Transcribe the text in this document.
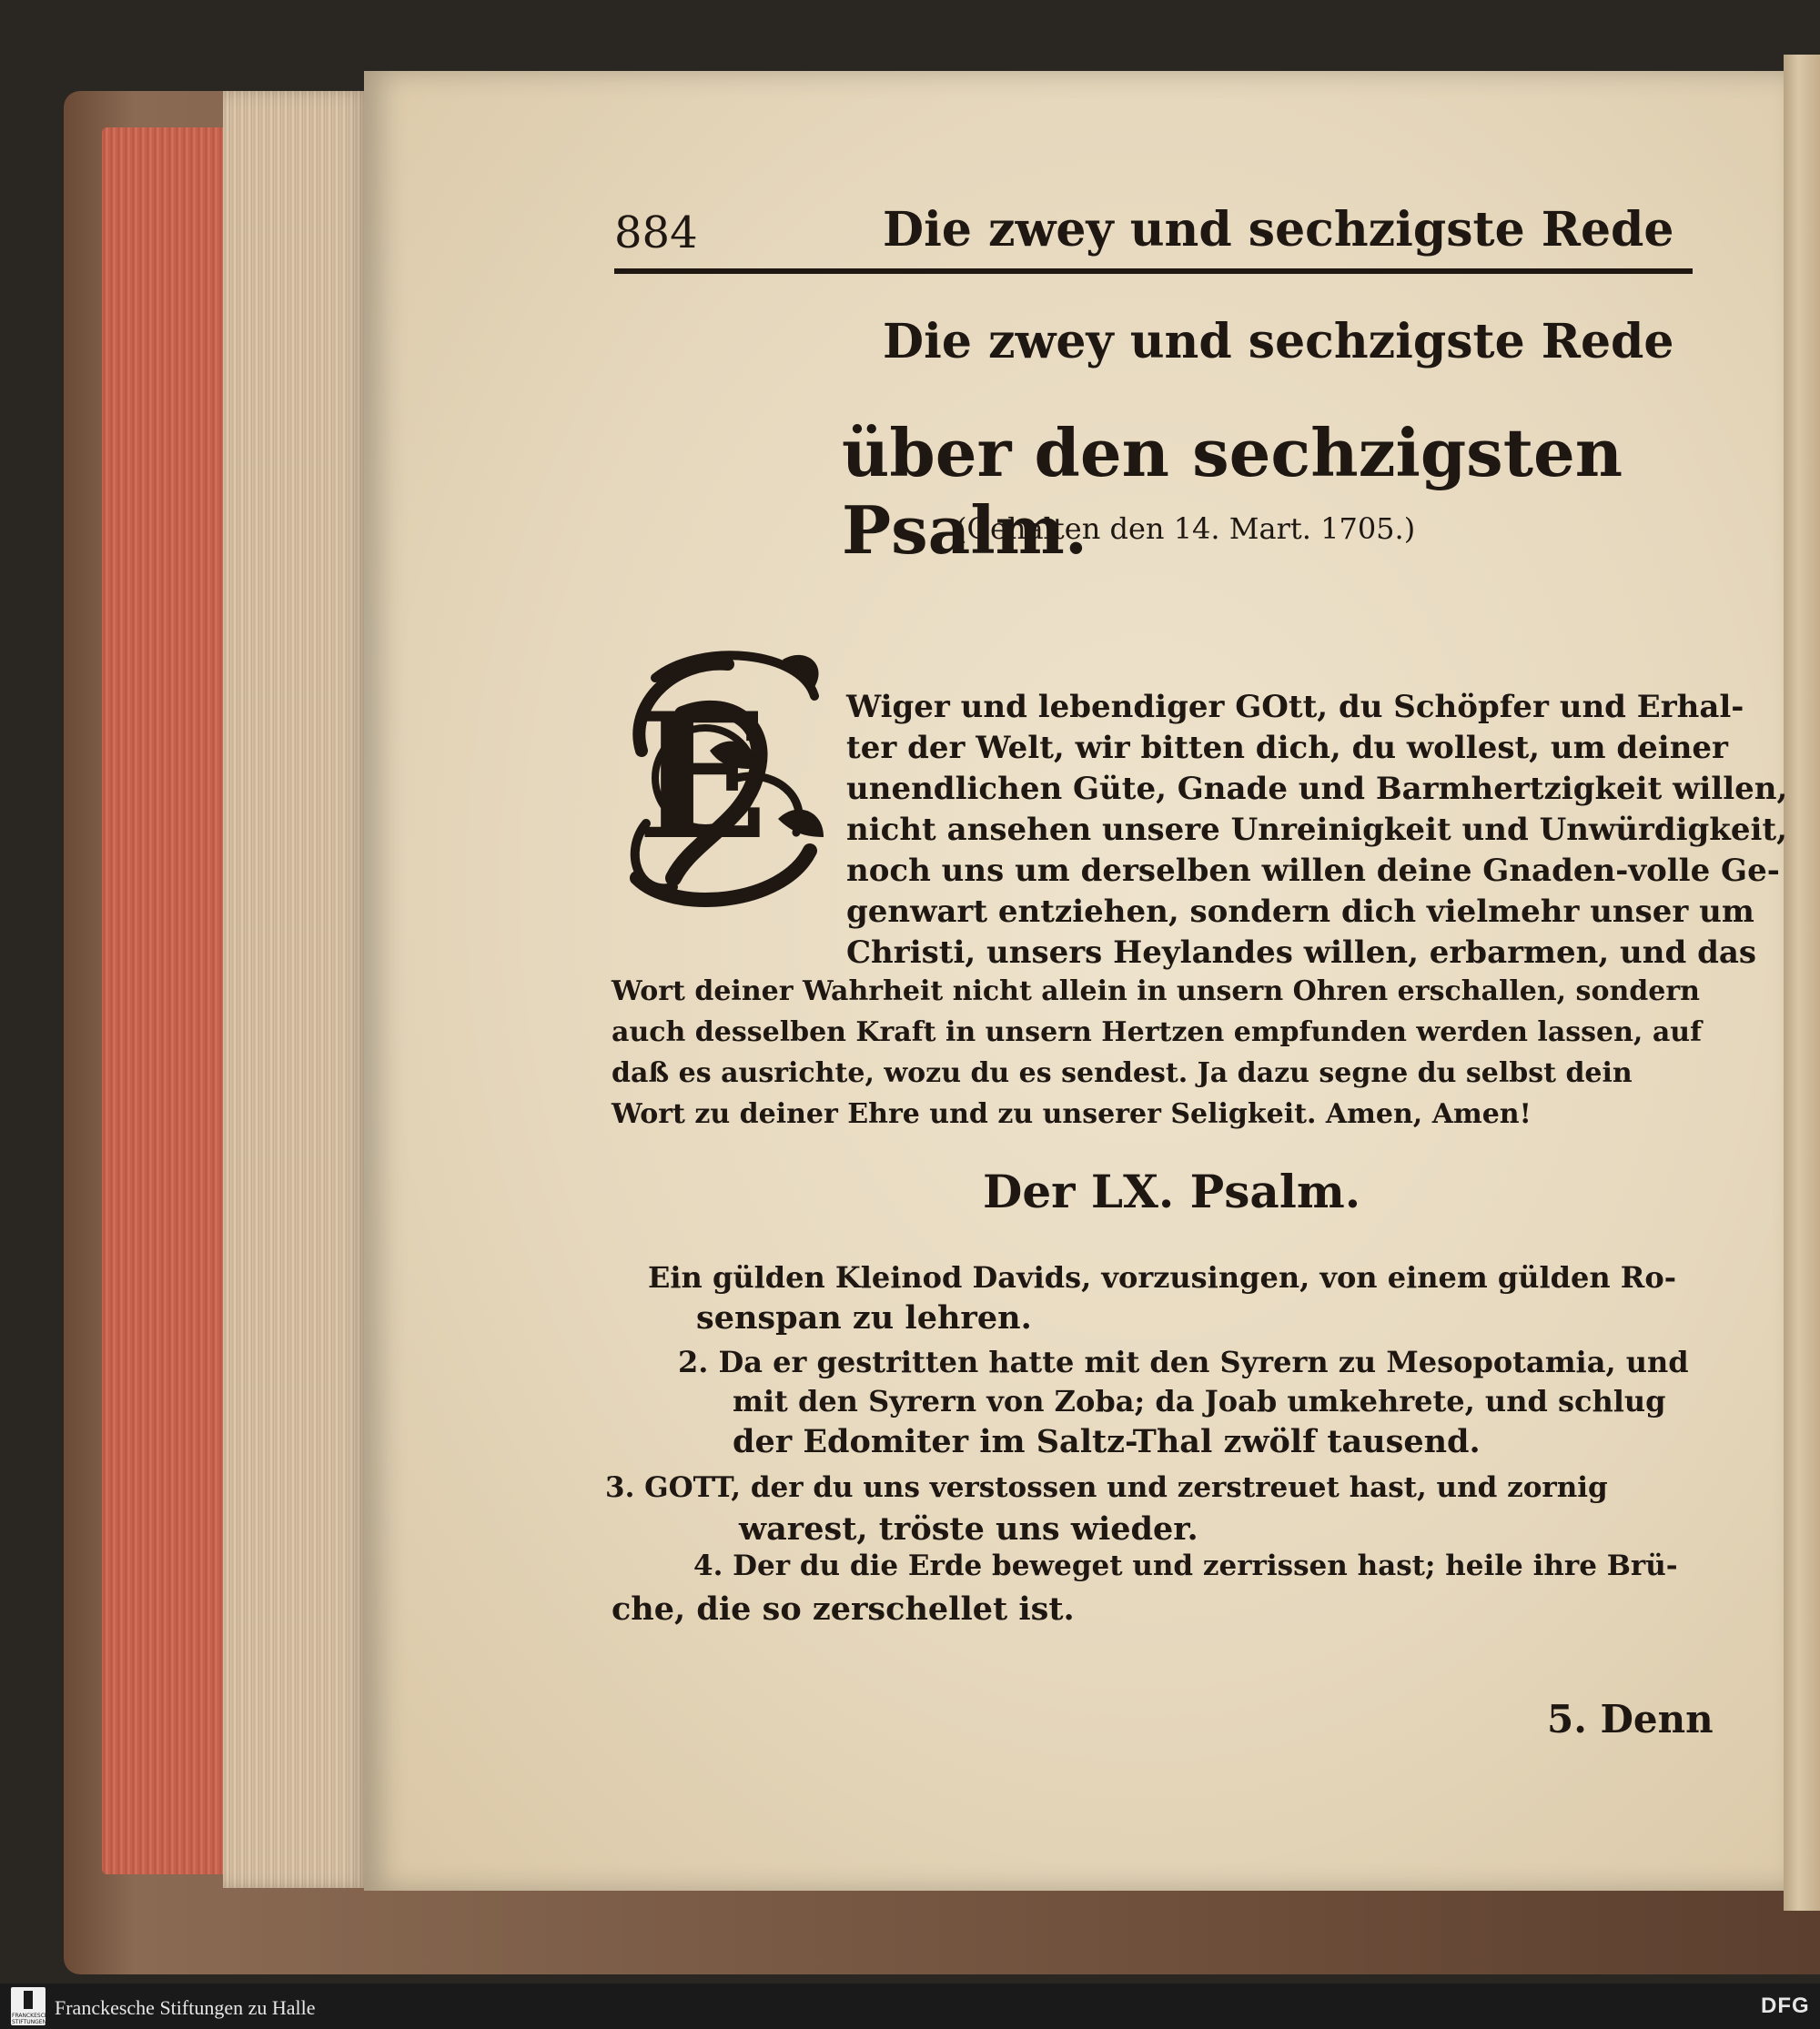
884	Die zwey und sechzigste Rede
Die zwey und sechzigste Rede
über den sechzigsten Psalm.
(Gehalten den 14. Mart. 1705.)
E	Wiger und lebendiger GOtt, du Schöpfer und Erhal-
ter der Welt, wir bitten dich, du wollest, um deiner
unendlichen Güte, Gnade und Barmhertzigkeit willen,
nicht ansehen unsere Unreinigkeit und Unwürdigkeit,
noch uns um derselben willen deine Gnaden-volle Ge-
genwart entziehen, sondern dich vielmehr unser um
Christi, unsers Heylandes willen, erbarmen, und das
Wort deiner Wahrheit nicht allein in unsern Ohren erschallen, sondern
auch desselben Kraft in unsern Hertzen empfunden werden lassen, auf
daß es ausrichte, wozu du es sendest. Ja dazu segne du selbst dein
Wort zu deiner Ehre und zu unserer Seligkeit. Amen, Amen!
Der LX. Psalm.
Ein gülden Kleinod Davids, vorzusingen, von einem gülden Ro-
senspan zu lehren.
2. Da er gestritten hatte mit den Syrern zu Mesopotamia, und
mit den Syrern von Zoba; da Joab umkehrete, und schlug
der Edomiter im Saltz-Thal zwölf tausend.
3. GOTT, der du uns verstossen und zerstreuet hast, und zornig
warest, tröste uns wieder.
4. Der du die Erde beweget und zerrissen hast; heile ihre Brü-
che, die so zerschellet ist.
5. Denn
FRANCKESCHE STIFTUNGEN
Franckesche Stiftungen zu Halle	DFG
